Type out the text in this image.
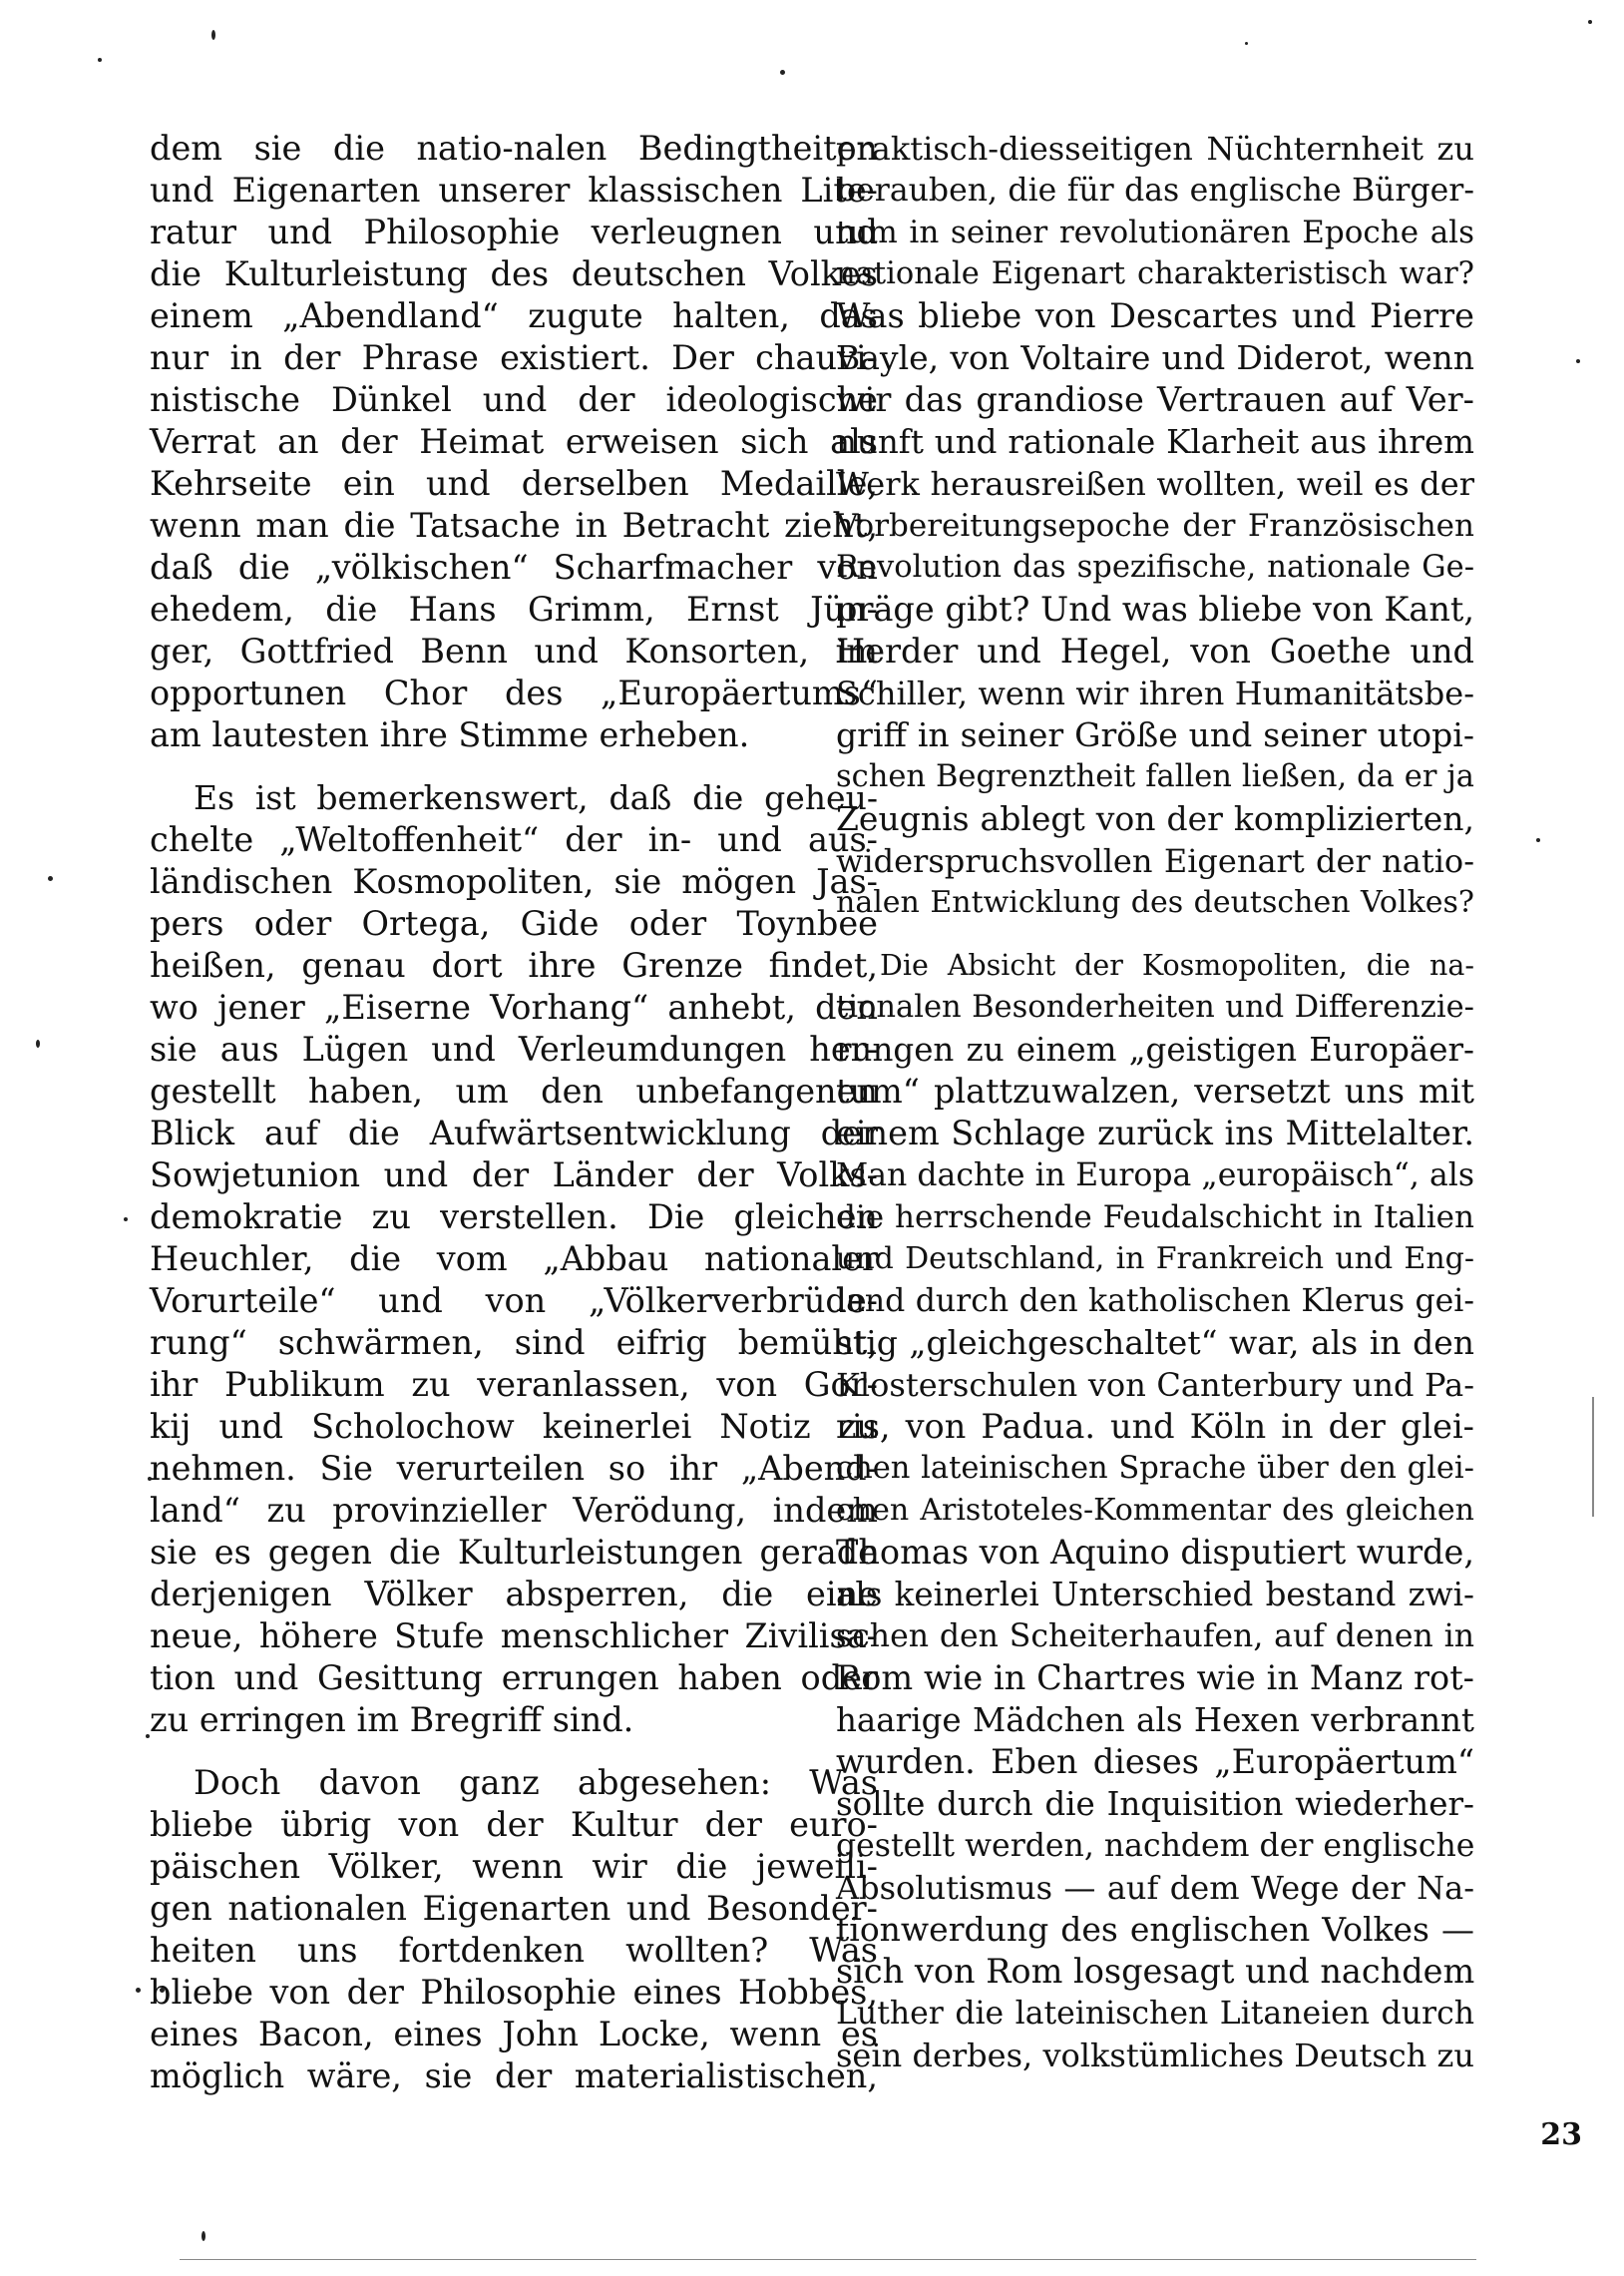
dem sie die natio-nalen Bedingtheiten
und Eigenarten unserer klassischen Lite-
ratur und Philosophie verleugnen und
die Kulturleistung des deutschen Volkes
einem „Abendland“ zugute halten, das
nur in der Phrase existiert. Der chauvi-
nistische Dünkel und der ideologische
Verrat an der Heimat erweisen sich als
Kehrseite ein und derselben Medaille,
wenn man die Tatsache in Betracht zieht,
daß die „völkischen“ Scharfmacher von
ehedem, die Hans Grimm, Ernst Jün-
ger, Gottfried Benn und Konsorten, im
opportunen Chor des „Europäertums“
am lautesten ihre Stimme erheben.
Es ist bemerkenswert, daß die geheu-
chelte „Weltoffenheit“ der in- und aus-
ländischen Kosmopoliten, sie mögen Jas-
pers oder Ortega, Gide oder Toynbee
heißen, genau dort ihre Grenze findet,
wo jener „Eiserne Vorhang“ anhebt, den
sie aus Lügen und Verleumdungen her-
gestellt haben, um den unbefangenen
Blick auf die Aufwärtsentwicklung der
Sowjetunion und der Länder der Volks-
demokratie zu verstellen. Die gleichen
Heuchler, die vom „Abbau nationaler
Vorurteile“ und von „Völkerverbrüde-
rung“ schwärmen, sind eifrig bemüht,
ihr Publikum zu veranlassen, von Gor-
kij und Scholochow keinerlei Notiz zu
nehmen. Sie verurteilen so ihr „Abend-
land“ zu provinzieller Verödung, indem
sie es gegen die Kulturleistungen gerade
derjenigen Völker absperren, die eine
neue, höhere Stufe menschlicher Zivilisa-
tion und Gesittung errungen haben oder
zu erringen im Bregriff sind.
Doch davon ganz abgesehen: Was
bliebe übrig von der Kultur der euro-
päischen Völker, wenn wir die jeweili-
gen nationalen Eigenarten und Besonder-
heiten uns fortdenken wollten? Was
bliebe von der Philosophie eines Hobbes,
eines Bacon, eines John Locke, wenn es
möglich wäre, sie der materialistischen,
praktisch-diesseitigen Nüchternheit zu
berauben, die für das englische Bürger-
tum in seiner revolutionären Epoche als
nationale Eigenart charakteristisch war?
Was bliebe von Descartes und Pierre
Bayle, von Voltaire und Diderot, wenn
wir das grandiose Vertrauen auf Ver-
nunft und rationale Klarheit aus ihrem
Werk herausreißen wollten, weil es der
Vorbereitungsepoche der Französischen
Revolution das spezifische, nationale Ge-
präge gibt? Und was bliebe von Kant,
Herder und Hegel, von Goethe und
Schiller, wenn wir ihren Humanitätsbe-
griff in seiner Größe und seiner utopi-
schen Begrenztheit fallen ließen, da er ja
Zeugnis ablegt von der komplizierten,
widerspruchsvollen Eigenart der natio-
nalen Entwicklung des deutschen Volkes?
Die Absicht der Kosmopoliten, die na-
tionalen Besonderheiten und Differenzie-
rungen zu einem „geistigen Europäer-
tum“ plattzuwalzen, versetzt uns mit
einem Schlage zurück ins Mittelalter.
Man dachte in Europa „europäisch“, als
die herrschende Feudalschicht in Italien
und Deutschland, in Frankreich und Eng-
land durch den katholischen Klerus gei-
stig „gleichgeschaltet“ war, als in den
Klosterschulen von Canterbury und Pa-
ris, von Padua. und Köln in der glei-
chen lateinischen Sprache über den glei-
chen Aristoteles-Kommentar des gleichen
Thomas von Aquino disputiert wurde,
als keinerlei Unterschied bestand zwi-
schen den Scheiterhaufen, auf denen in
Rom wie in Chartres wie in Manz rot-
haarige Mädchen als Hexen verbrannt
wurden. Eben dieses „Europäertum“
sollte durch die Inquisition wiederher-
gestellt werden, nachdem der englische
Absolutismus — auf dem Wege der Na-
tionwerdung des englischen Volkes —
sich von Rom losgesagt und nachdem
Luther die lateinischen Litaneien durch
sein derbes, volkstümliches Deutsch zu
23
